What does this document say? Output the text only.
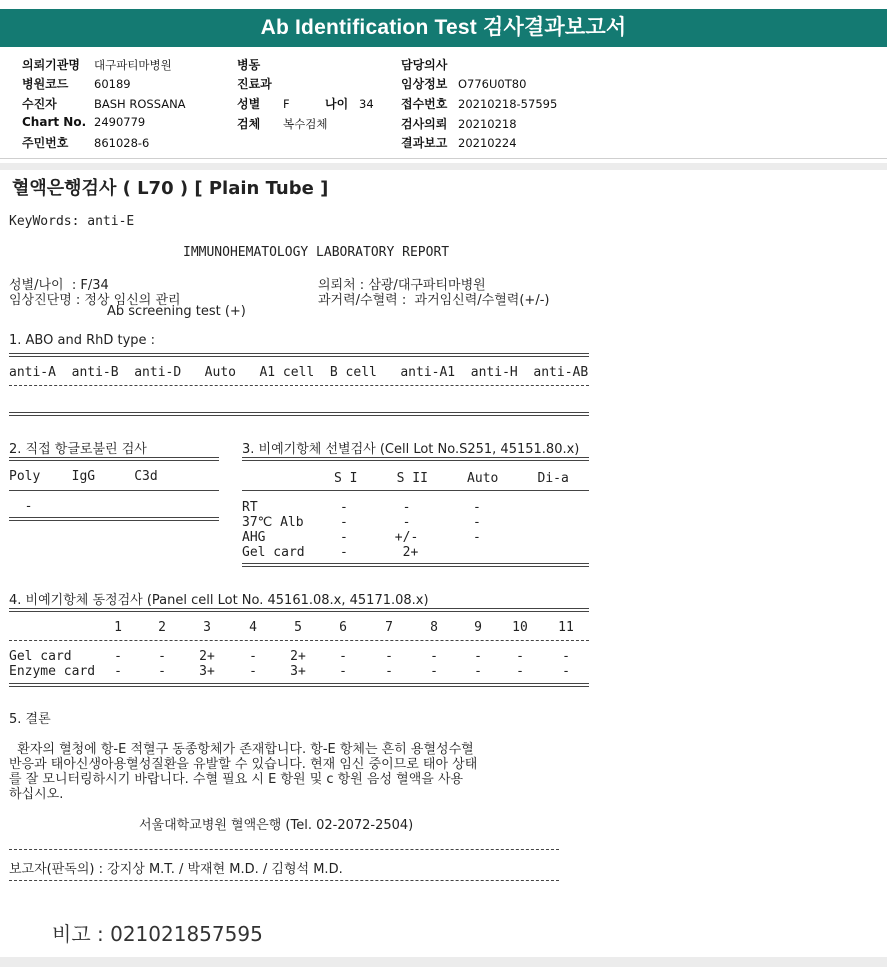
Ab Identification Test 검사결과보고서
의뢰기관명 대구파티마병원
병원코드 60189
수진자	BASH ROSSANA
Chart No. 2490779
주민번호 861028-6
병동
진료과
성별 F	나이 34
검체 복수검체
담당의사
임상정보 O776U0T80
접수번호 20210218-57595
검사의뢰 20210218
결과보고 20210224
혈액은행검사 ( L70 ) [ Plain Tube ]
KeyWords: anti-E
IMMUNOHEMATOLOGY LABORATORY REPORT
성별/나이  : F/34
임상진단명 : 정상 임신의 관리
Ab screening test (+)
의뢰처 : 삼광/대구파티마병원
과거력/수혈력 :  과거임신력/수혈력(+/-)
1. ABO and RhD type :
anti-A  anti-B  anti-D   Auto   A1 cell  B cell   anti-A1  anti-H  anti-AB
2. 직접 항글로불린 검사
Poly    IgG     C3d
-
3. 비예기항체 선별검사 (Cell Lot No.S251, 45151.80.x)
S I     S II     Auto     Di-a
RT	-       -        -
37℃ Alb	-       -        -
AHG	-      +/-       -
Gel card	-       2+
4. 비예기항체 동정검사 (Panel cell Lot No. 45161.08.x, 45171.08.x)
1	2	3	4	5	6	7	8	9 10 11
Gel card	-	-	2+	-	2+	-	-	-	-	-	-
Enzyme card -	-	3+	-	3+	-	-	-	-	-	-
5. 결론
환자의 혈청에 항-E 적혈구 동종항체가 존재합니다. 항-E 항체는 흔히 용혈성수혈
반응과 태아신생아용혈성질환을 유발할 수 있습니다. 현재 임신 중이므로 태아 상태
를 잘 모니터링하시기 바랍니다. 수혈 필요 시 E 항원 및 c 항원 음성 혈액을 사용
하십시오.
서울대학교병원 혈액은행 (Tel. 02-2072-2504)
보고자(판독의) : 강지상 M.T. / 박재현 M.D. / 김형석 M.D.
비고 : 021021857595
